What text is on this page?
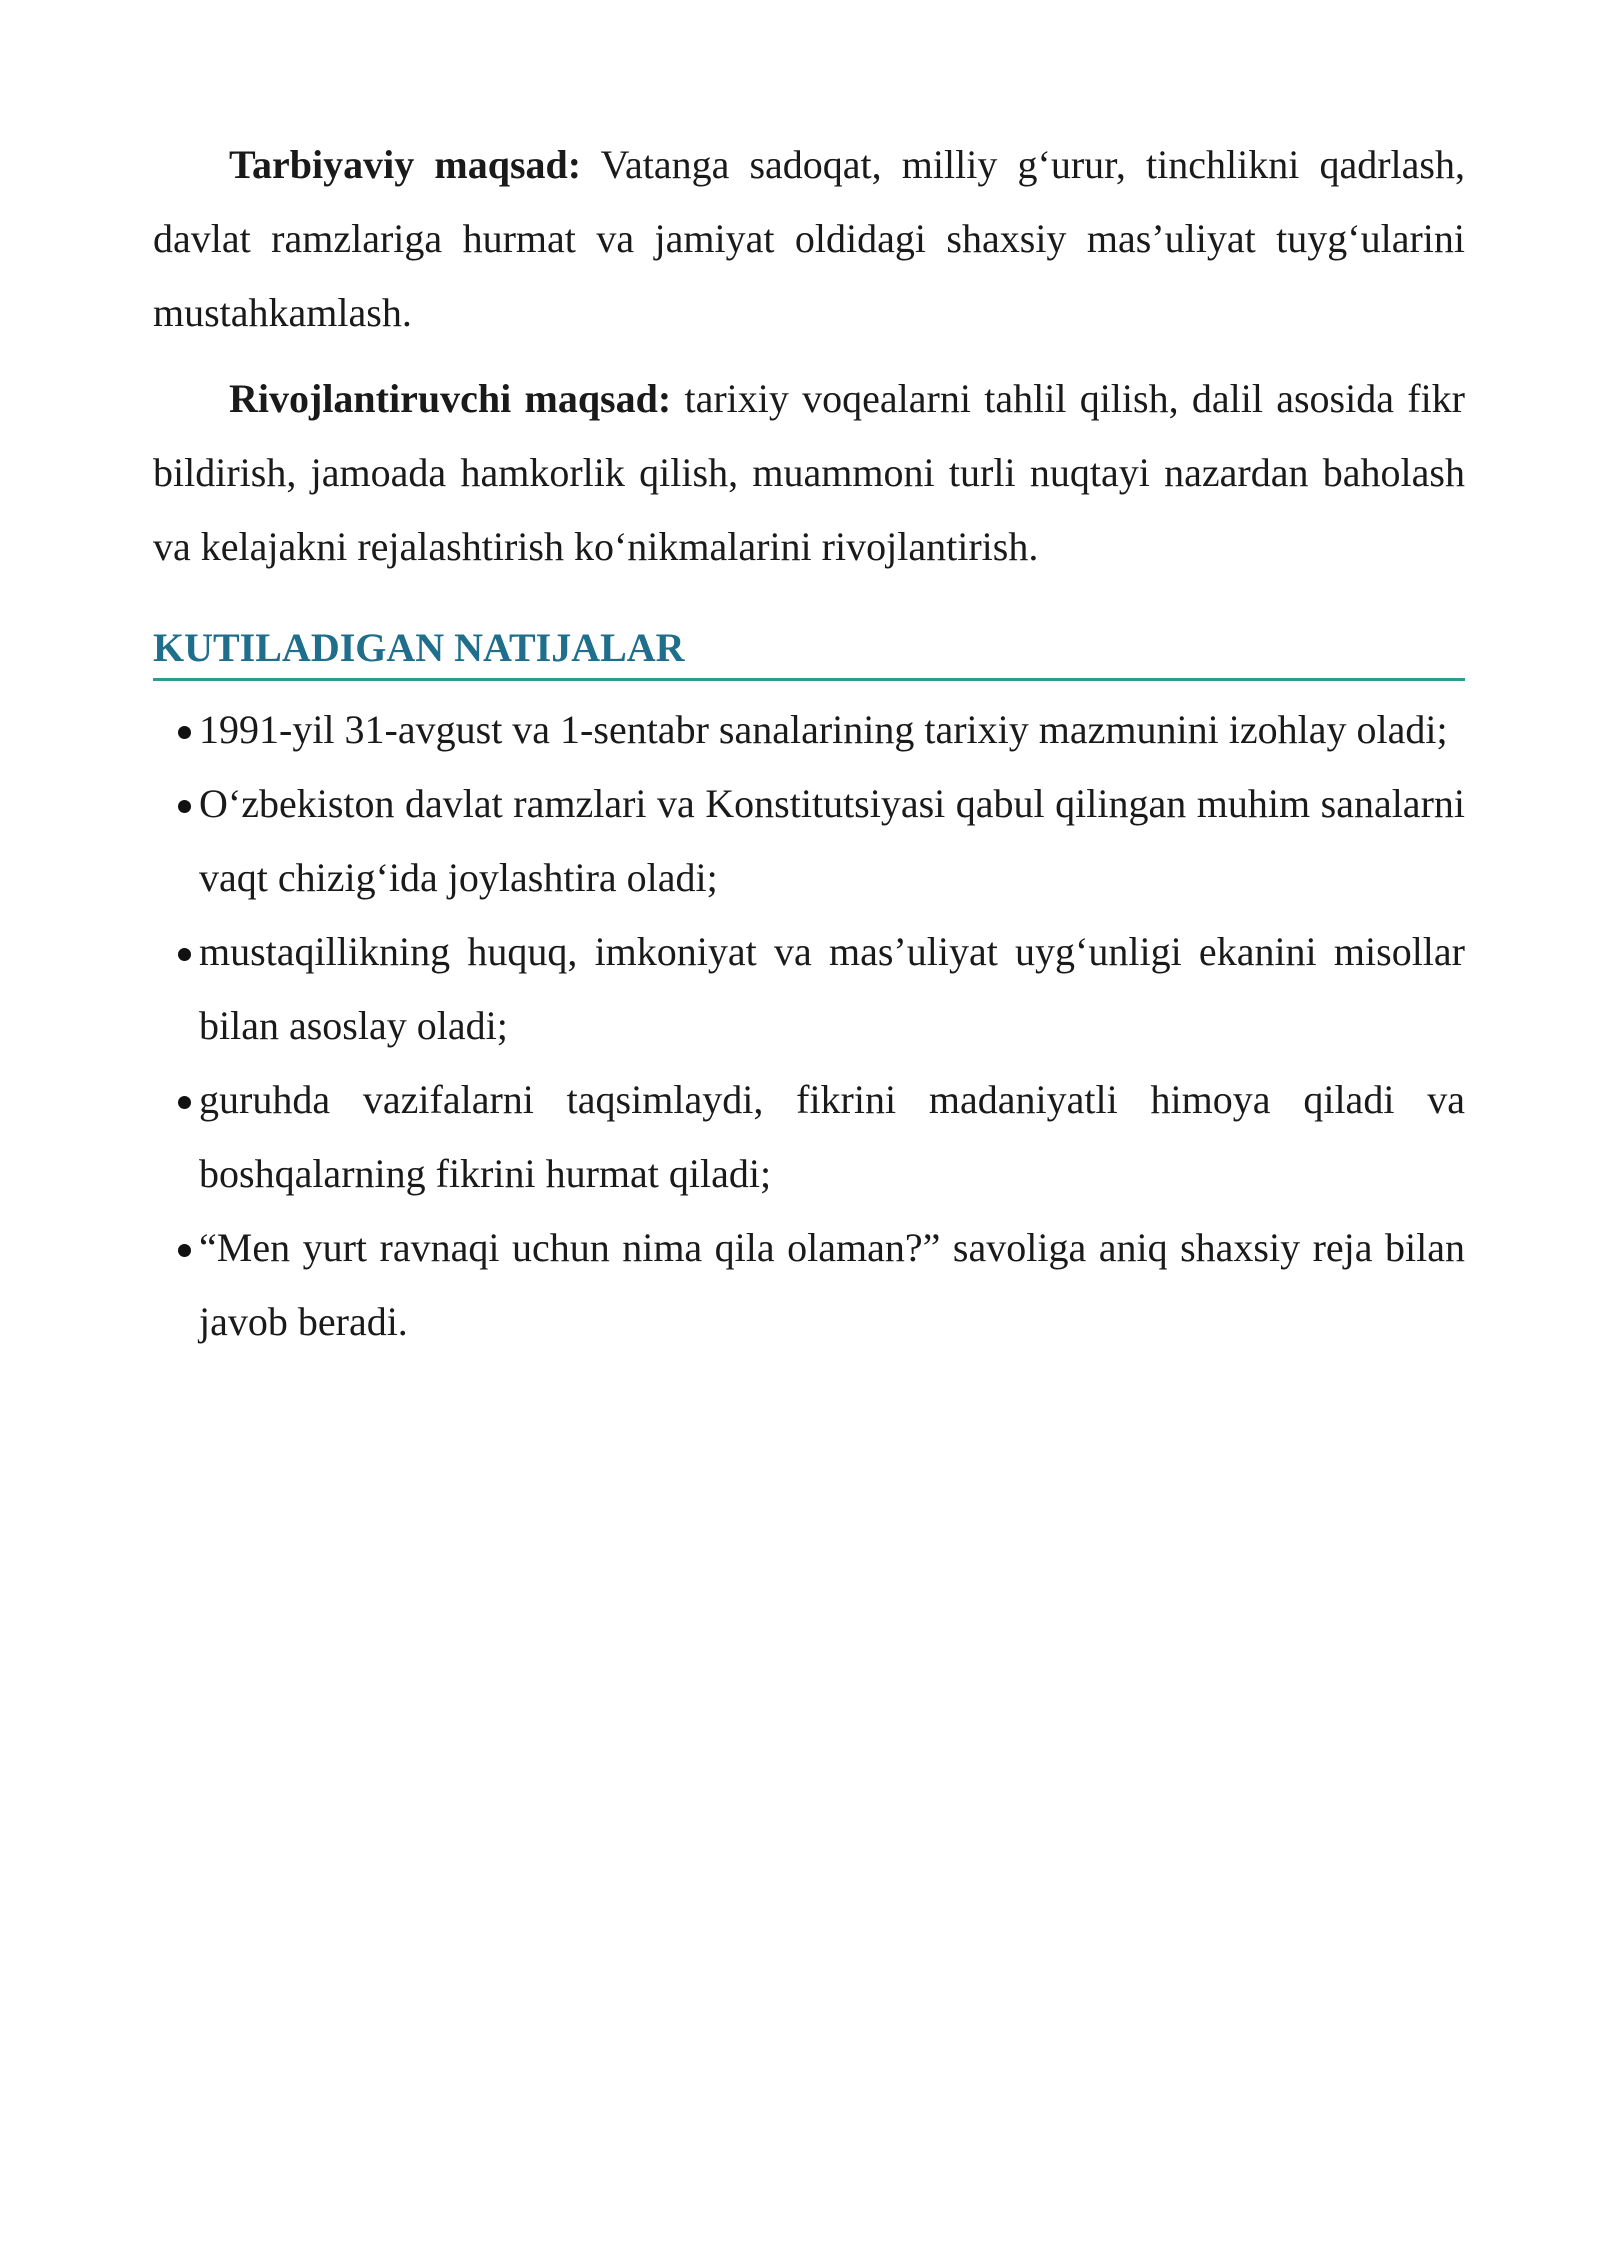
Tarbiyaviy maqsad: Vatanga sadoqat, milliy g‘urur, tinchlikni qadrlash, davlat ramzlariga hurmat va jamiyat oldidagi shaxsiy mas’uliyat tuyg‘ularini mustahkamlash.

Rivojlantiruvchi maqsad: tarixiy voqealarni tahlil qilish, dalil asosida fikr bildirish, jamoada hamkorlik qilish, muammoni turli nuqtayi nazardan baholash va kelajakni rejalashtirish ko‘nikmalarini rivojlantirish.

KUTILADIGAN NATIJALAR
1991-yil 31-avgust va 1-sentabr sanalarining tarixiy mazmunini izohlay oladi;
O‘zbekiston davlat ramzlari va Konstitutsiyasi qabul qilingan muhim sanalarni vaqt chizig‘ida joylashtira oladi;
mustaqillikning huquq, imkoniyat va mas’uliyat uyg‘unligi ekanini misollar bilan asoslay oladi;
guruhda vazifalarni taqsimlaydi, fikrini madaniyatli himoya qiladi va boshqalarning fikrini hurmat qiladi;
“Men yurt ravnaqi uchun nima qila olaman?” savoliga aniq shaxsiy reja bilan javob beradi.
